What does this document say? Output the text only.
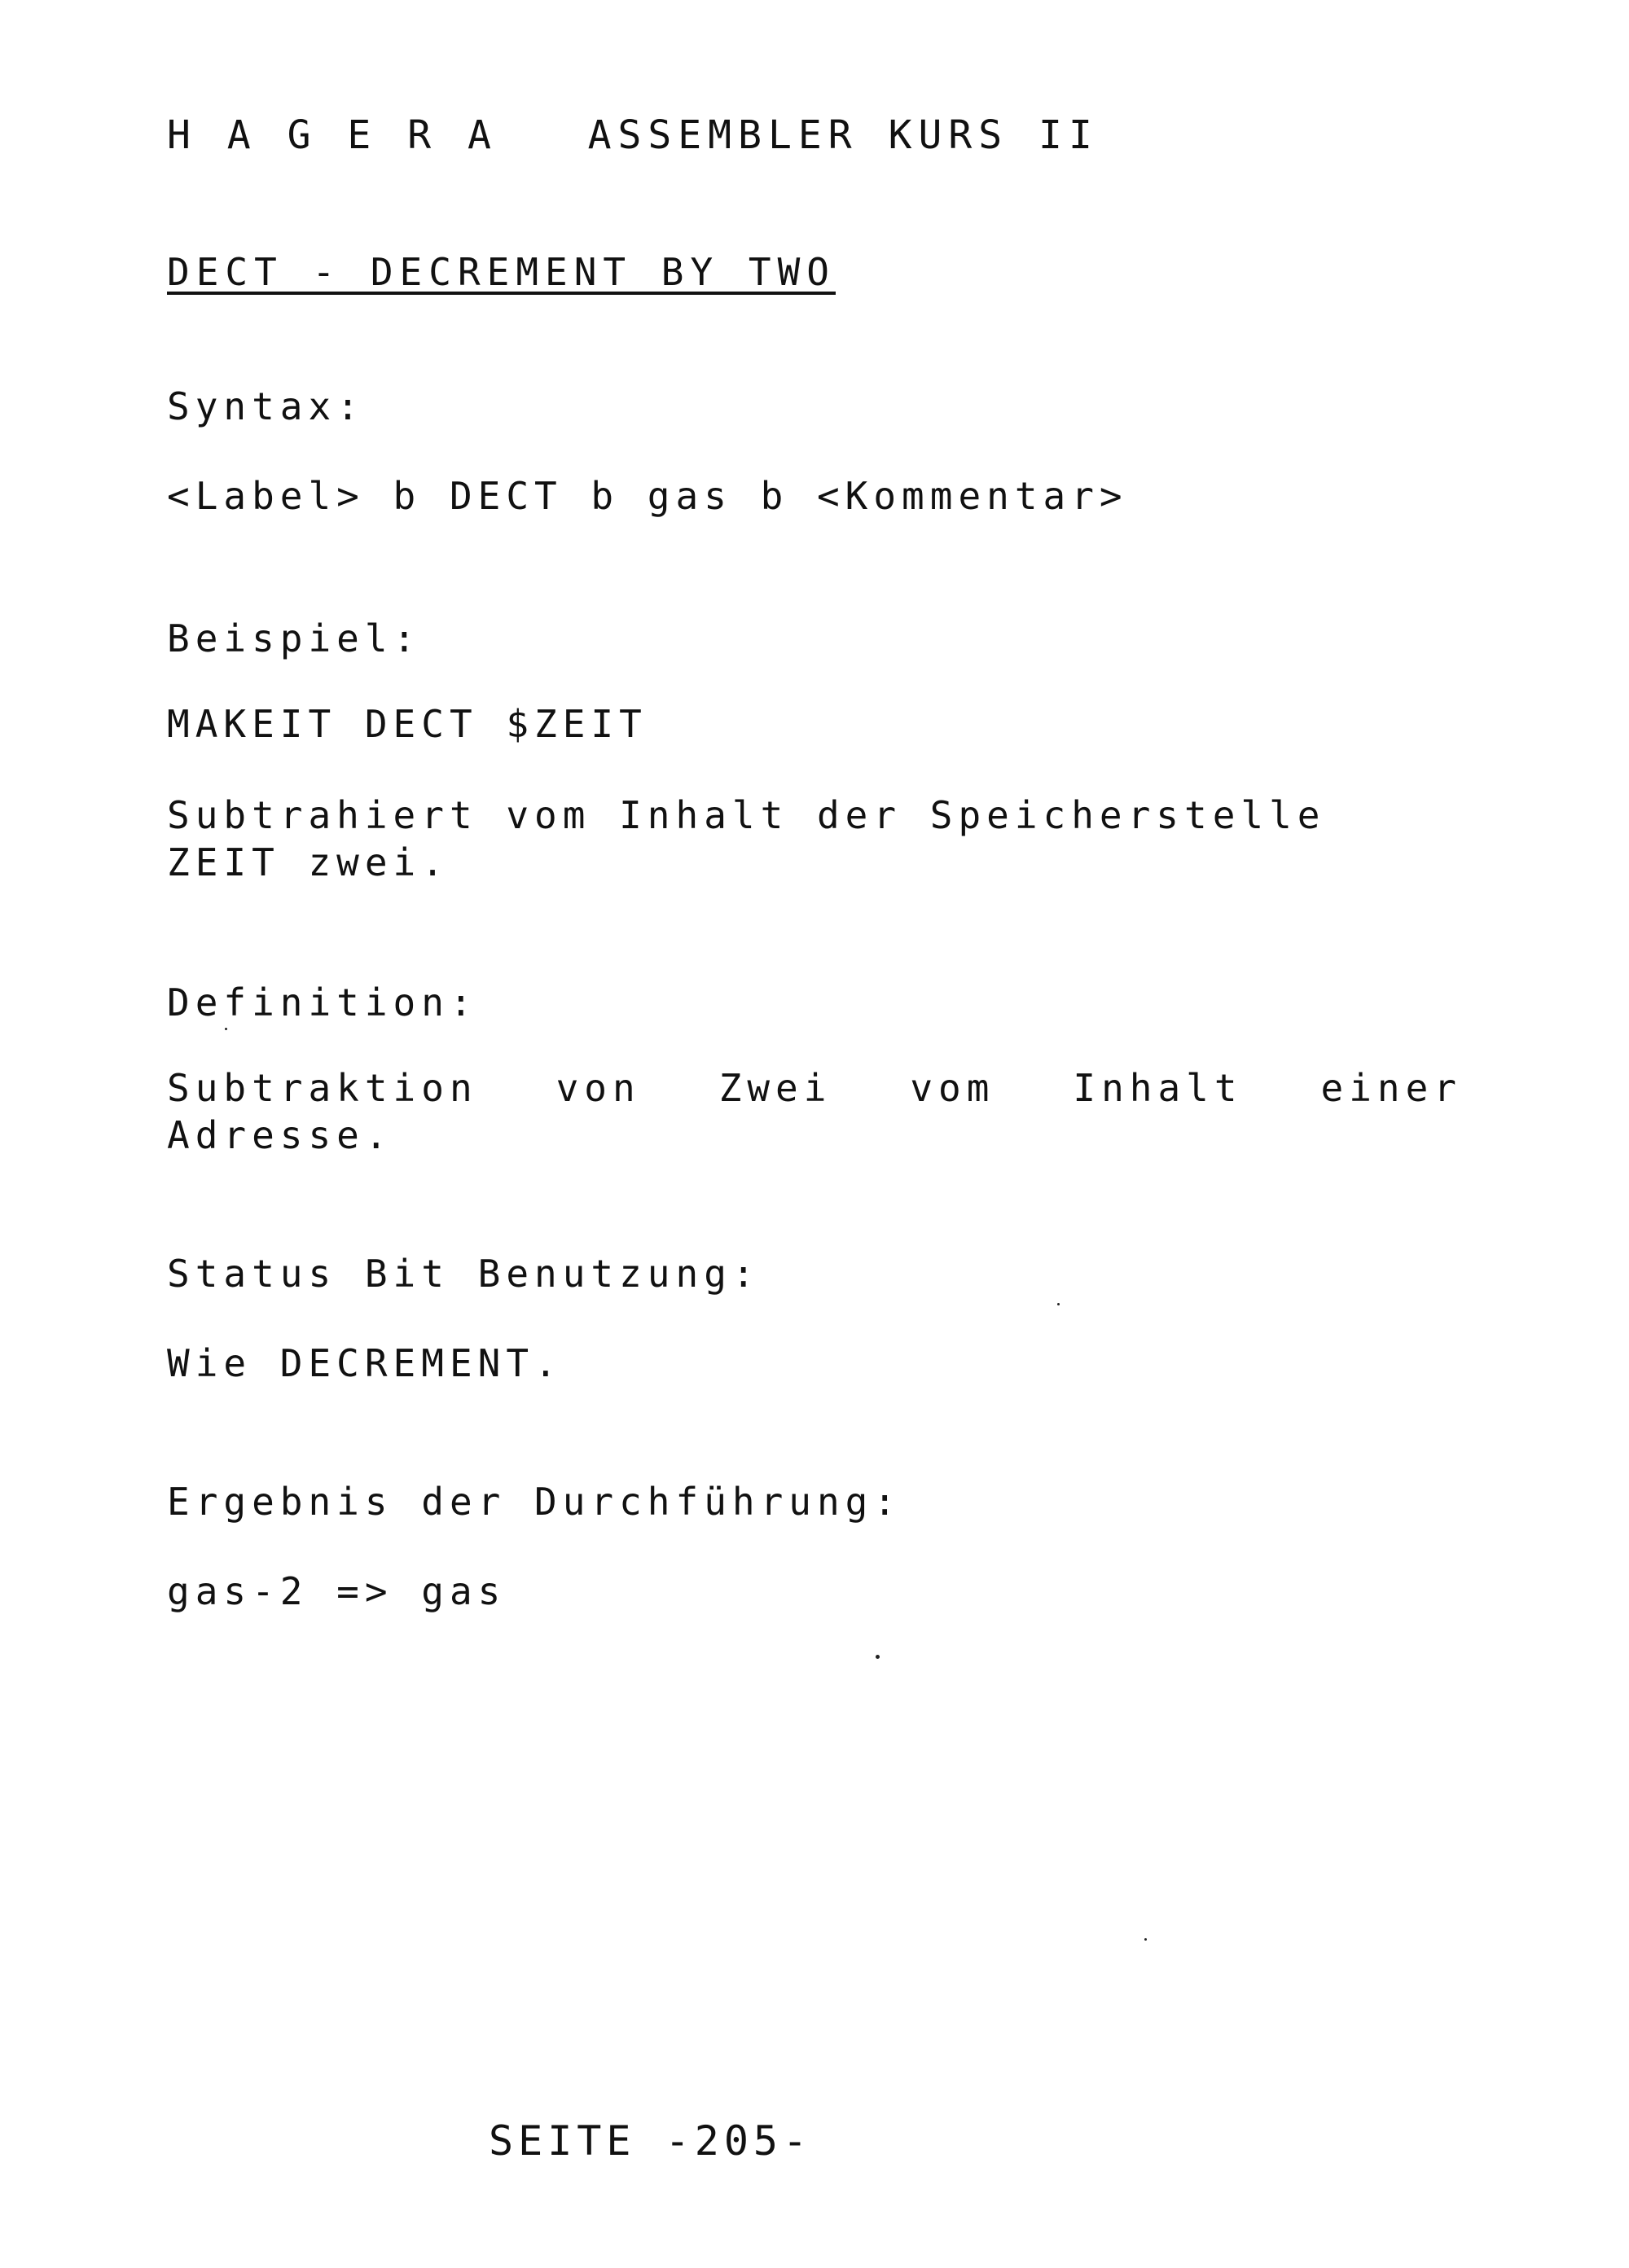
H A G E R A   ASSEMBLER KURS II
DECT - DECREMENT BY TWO
Syntax:
<Label> b DECT b gas b <Kommentar>
Beispiel:
MAKEIT DECT $ZEIT
Subtrahiert vom Inhalt der Speicherstelle
ZEIT zwei.
Definition:
Subtraktion von Zwei vom Inhalt einer
Adresse.
Status Bit Benutzung:
Wie DECREMENT.
Ergebnis der Durchführung:
gas-2 => gas
SEITE -205-
